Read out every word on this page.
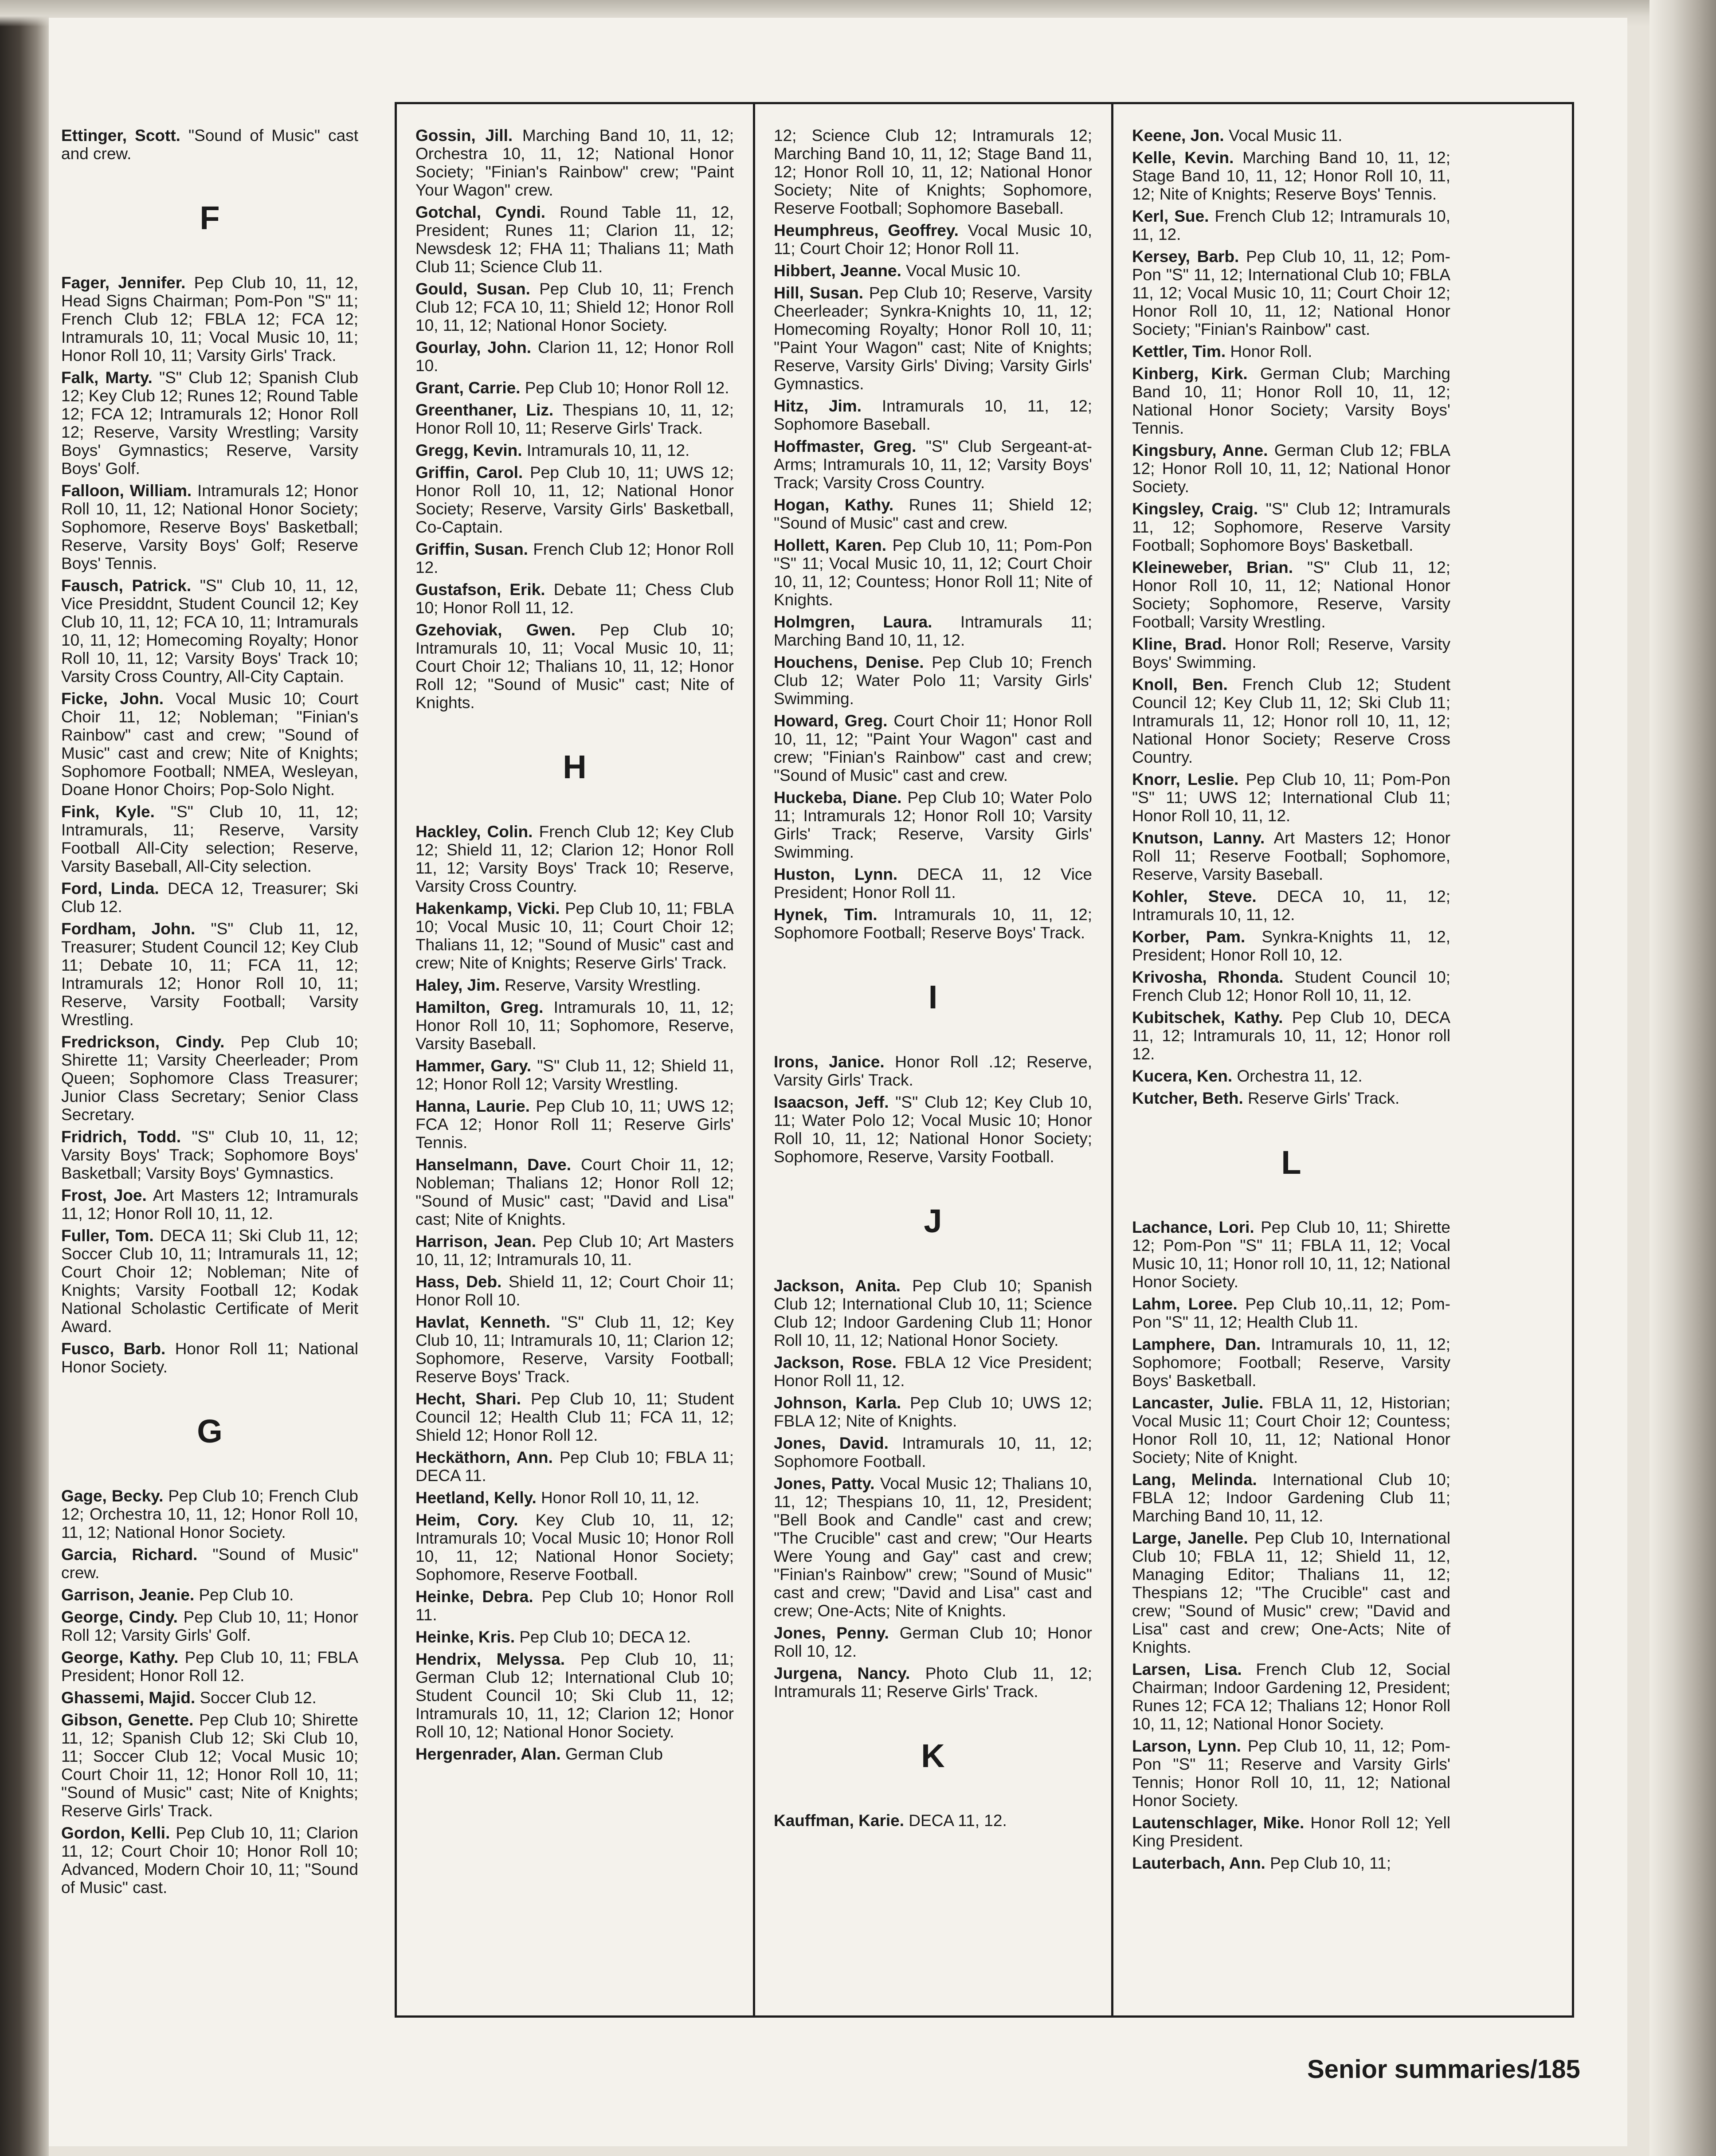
Ettinger, Scott. "Sound of Music" cast and crew.
F
Fager, Jennifer. Pep Club 10, 11, 12, Head Signs Chairman; Pom-Pon "S" 11; French Club 12; FBLA 12; FCA 12; Intramurals 10, 11; Vocal Music 10, 11; Honor Roll 10, 11; Varsity Girls' Track.
Falk, Marty. "S" Club 12; Spanish Club 12; Key Club 12; Runes 12; Round Table 12; FCA 12; Intramurals 12; Honor Roll 12; Reserve, Varsity Wrestling; Varsity Boys' Gymnastics; Reserve, Varsity Boys' Golf.
Falloon, William. Intramurals 12; Honor Roll 10, 11, 12; National Honor Society; Sophomore, Reserve Boys' Basketball; Reserve, Varsity Boys' Golf; Reserve Boys' Tennis.
Fausch, Patrick. "S" Club 10, 11, 12, Vice Presiddnt, Student Council 12; Key Club 10, 11, 12; FCA 10, 11; Intramurals 10, 11, 12; Homecoming Royalty; Honor Roll 10, 11, 12; Varsity Boys' Track 10; Varsity Cross Country, All-City Captain.
Ficke, John. Vocal Music 10; Court Choir 11, 12; Nobleman; "Finian's Rainbow" cast and crew; "Sound of Music" cast and crew; Nite of Knights; Sophomore Football; NMEA, Wesleyan, Doane Honor Choirs; Pop-Solo Night.
Fink, Kyle. "S" Club 10, 11, 12; Intramurals, 11; Reserve, Varsity Football All-City selection; Reserve, Varsity Baseball, All-City selection.
Ford, Linda. DECA 12, Treasurer; Ski Club 12.
Fordham, John. "S" Club 11, 12, Treasurer; Student Council 12; Key Club 11; Debate 10, 11; FCA 11, 12; Intramurals 12; Honor Roll 10, 11; Reserve, Varsity Football; Varsity Wrestling.
Fredrickson, Cindy. Pep Club 10; Shirette 11; Varsity Cheerleader; Prom Queen; Sophomore Class Treasurer; Junior Class Secretary; Senior Class Secretary.
Fridrich, Todd. "S" Club 10, 11, 12; Varsity Boys' Track; Sophomore Boys' Basketball; Varsity Boys' Gymnastics.
Frost, Joe. Art Masters 12; Intramurals 11, 12; Honor Roll 10, 11, 12.
Fuller, Tom. DECA 11; Ski Club 11, 12; Soccer Club 10, 11; Intramurals 11, 12; Court Choir 12; Nobleman; Nite of Knights; Varsity Football 12; Kodak National Scholastic Certificate of Merit Award.
Fusco, Barb. Honor Roll 11; National Honor Society.
G
Gage, Becky. Pep Club 10; French Club 12; Orchestra 10, 11, 12; Honor Roll 10, 11, 12; National Honor Society.
Garcia, Richard. "Sound of Music" crew.
Garrison, Jeanie. Pep Club 10.
George, Cindy. Pep Club 10, 11; Honor Roll 12; Varsity Girls' Golf.
George, Kathy. Pep Club 10, 11; FBLA President; Honor Roll 12.
Ghassemi, Majid. Soccer Club 12.
Gibson, Genette. Pep Club 10; Shirette 11, 12; Spanish Club 12; Ski Club 10, 11; Soccer Club 12; Vocal Music 10; Court Choir 11, 12; Honor Roll 10, 11; "Sound of Music" cast; Nite of Knights; Reserve Girls' Track.
Gordon, Kelli. Pep Club 10, 11; Clarion 11, 12; Court Choir 10; Honor Roll 10; Advanced, Modern Choir 10, 11; "Sound of Music" cast.
Gossin, Jill. Marching Band 10, 11, 12; Orchestra 10, 11, 12; National Honor Society; "Finian's Rainbow" crew; "Paint Your Wagon" crew.
Gotchal, Cyndi. Round Table 11, 12, President; Runes 11; Clarion 11, 12; Newsdesk 12; FHA 11; Thalians 11; Math Club 11; Science Club 11.
Gould, Susan. Pep Club 10, 11; French Club 12; FCA 10, 11; Shield 12; Honor Roll 10, 11, 12; National Honor Society.
Gourlay, John. Clarion 11, 12; Honor Roll 10.
Grant, Carrie. Pep Club 10; Honor Roll 12.
Greenthaner, Liz. Thespians 10, 11, 12; Honor Roll 10, 11; Reserve Girls' Track.
Gregg, Kevin. Intramurals 10, 11, 12.
Griffin, Carol. Pep Club 10, 11; UWS 12; Honor Roll 10, 11, 12; National Honor Society; Reserve, Varsity Girls' Basketball, Co-Captain.
Griffin, Susan. French Club 12; Honor Roll 12.
Gustafson, Erik. Debate 11; Chess Club 10; Honor Roll 11, 12.
Gzehoviak, Gwen. Pep Club 10; Intramurals 10, 11; Vocal Music 10, 11; Court Choir 12; Thalians 10, 11, 12; Honor Roll 12; "Sound of Music" cast; Nite of Knights.
H
Hackley, Colin. French Club 12; Key Club 12; Shield 11, 12; Clarion 12; Honor Roll 11, 12; Varsity Boys' Track 10; Reserve, Varsity Cross Country.
Hakenkamp, Vicki. Pep Club 10, 11; FBLA 10; Vocal Music 10, 11; Court Choir 12; Thalians 11, 12; "Sound of Music" cast and crew; Nite of Knights; Reserve Girls' Track.
Haley, Jim. Reserve, Varsity Wrestling.
Hamilton, Greg. Intramurals 10, 11, 12; Honor Roll 10, 11; Sophomore, Reserve, Varsity Baseball.
Hammer, Gary. "S" Club 11, 12; Shield 11, 12; Honor Roll 12; Varsity Wrestling.
Hanna, Laurie. Pep Club 10, 11; UWS 12; FCA 12; Honor Roll 11; Reserve Girls' Tennis.
Hanselmann, Dave. Court Choir 11, 12; Nobleman; Thalians 12; Honor Roll 12; "Sound of Music" cast; "David and Lisa" cast; Nite of Knights.
Harrison, Jean. Pep Club 10; Art Masters 10, 11, 12; Intramurals 10, 11.
Hass, Deb. Shield 11, 12; Court Choir 11; Honor Roll 10.
Havlat, Kenneth. "S" Club 11, 12; Key Club 10, 11; Intramurals 10, 11; Clarion 12; Sophomore, Reserve, Varsity Football; Reserve Boys' Track.
Hecht, Shari. Pep Club 10, 11; Student Council 12; Health Club 11; FCA 11, 12; Shield 12; Honor Roll 12.
Heckäthorn, Ann. Pep Club 10; FBLA 11; DECA 11.
Heetland, Kelly. Honor Roll 10, 11, 12.
Heim, Cory. Key Club 10, 11, 12; Intramurals 10; Vocal Music 10; Honor Roll 10, 11, 12; National Honor Society; Sophomore, Reserve Football.
Heinke, Debra. Pep Club 10; Honor Roll 11.
Heinke, Kris. Pep Club 10; DECA 12.
Hendrix, Melyssa. Pep Club 10, 11; German Club 12; International Club 10; Student Council 10; Ski Club 11, 12; Intramurals 10, 11, 12; Clarion 12; Honor Roll 10, 12; National Honor Society.
Hergenrader, Alan. German Club
12; Science Club 12; Intramurals 12; Marching Band 10, 11, 12; Stage Band 11, 12; Honor Roll 10, 11, 12; National Honor Society; Nite of Knights; Sophomore, Reserve Football; Sophomore Baseball.
Heumphreus, Geoffrey. Vocal Music 10, 11; Court Choir 12; Honor Roll 11.
Hibbert, Jeanne. Vocal Music 10.
Hill, Susan. Pep Club 10; Reserve, Varsity Cheerleader; Synkra-Knights 10, 11, 12; Homecoming Royalty; Honor Roll 10, 11; "Paint Your Wagon" cast; Nite of Knights; Reserve, Varsity Girls' Diving; Varsity Girls' Gymnastics.
Hitz, Jim. Intramurals 10, 11, 12; Sophomore Baseball.
Hoffmaster, Greg. "S" Club Sergeant-at-Arms; Intramurals 10, 11, 12; Varsity Boys' Track; Varsity Cross Country.
Hogan, Kathy. Runes 11; Shield 12; "Sound of Music" cast and crew.
Hollett, Karen. Pep Club 10, 11; Pom-Pon "S" 11; Vocal Music 10, 11, 12; Court Choir 10, 11, 12; Countess; Honor Roll 11; Nite of Knights.
Holmgren, Laura. Intramurals 11; Marching Band 10, 11, 12.
Houchens, Denise. Pep Club 10; French Club 12; Water Polo 11; Varsity Girls' Swimming.
Howard, Greg. Court Choir 11; Honor Roll 10, 11, 12; "Paint Your Wagon" cast and crew; "Finian's Rainbow" cast and crew; "Sound of Music" cast and crew.
Huckeba, Diane. Pep Club 10; Water Polo 11; Intramurals 12; Honor Roll 10; Varsity Girls' Track; Reserve, Varsity Girls' Swimming.
Huston, Lynn. DECA 11, 12 Vice President; Honor Roll 11.
Hynek, Tim. Intramurals 10, 11, 12; Sophomore Football; Reserve Boys' Track.
I
Irons, Janice. Honor Roll .12; Reserve, Varsity Girls' Track.
Isaacson, Jeff. "S" Club 12; Key Club 10, 11; Water Polo 12; Vocal Music 10; Honor Roll 10, 11, 12; National Honor Society; Sophomore, Reserve, Varsity Football.
J
Jackson, Anita. Pep Club 10; Spanish Club 12; International Club 10, 11; Science Club 12; Indoor Gardening Club 11; Honor Roll 10, 11, 12; National Honor Society.
Jackson, Rose. FBLA 12 Vice President; Honor Roll 11, 12.
Johnson, Karla. Pep Club 10; UWS 12; FBLA 12; Nite of Knights.
Jones, David. Intramurals 10, 11, 12; Sophomore Football.
Jones, Patty. Vocal Music 12; Thalians 10, 11, 12; Thespians 10, 11, 12, President; "Bell Book and Candle" cast and crew; "The Crucible" cast and crew; "Our Hearts Were Young and Gay" cast and crew; "Finian's Rainbow" crew; "Sound of Music" cast and crew; "David and Lisa" cast and crew; One-Acts; Nite of Knights.
Jones, Penny. German Club 10; Honor Roll 10, 12.
Jurgena, Nancy. Photo Club 11, 12; Intramurals 11; Reserve Girls' Track.
K
Kauffman, Karie. DECA 11, 12.
Keene, Jon. Vocal Music 11.
Kelle, Kevin. Marching Band 10, 11, 12; Stage Band 10, 11, 12; Honor Roll 10, 11, 12; Nite of Knights; Reserve Boys' Tennis.
Kerl, Sue. French Club 12; Intramurals 10, 11, 12.
Kersey, Barb. Pep Club 10, 11, 12; Pom-Pon "S" 11, 12; International Club 10; FBLA 11, 12; Vocal Music 10, 11; Court Choir 12; Honor Roll 10, 11, 12; National Honor Society; "Finian's Rainbow" cast.
Kettler, Tim. Honor Roll.
Kinberg, Kirk. German Club; Marching Band 10, 11; Honor Roll 10, 11, 12; National Honor Society; Varsity Boys' Tennis.
Kingsbury, Anne. German Club 12; FBLA 12; Honor Roll 10, 11, 12; National Honor Society.
Kingsley, Craig. "S" Club 12; Intramurals 11, 12; Sophomore, Reserve Varsity Football; Sophomore Boys' Basketball.
Kleineweber, Brian. "S" Club 11, 12; Honor Roll 10, 11, 12; National Honor Society; Sophomore, Reserve, Varsity Football; Varsity Wrestling.
Kline, Brad. Honor Roll; Reserve, Varsity Boys' Swimming.
Knoll, Ben. French Club 12; Student Council 12; Key Club 11, 12; Ski Club 11; Intramurals 11, 12; Honor roll 10, 11, 12; National Honor Society; Reserve Cross Country.
Knorr, Leslie. Pep Club 10, 11; Pom-Pon "S" 11; UWS 12; International Club 11; Honor Roll 10, 11, 12.
Knutson, Lanny. Art Masters 12; Honor Roll 11; Reserve Football; Sophomore, Reserve, Varsity Baseball.
Kohler, Steve. DECA 10, 11, 12; Intramurals 10, 11, 12.
Korber, Pam. Synkra-Knights 11, 12, President; Honor Roll 10, 12.
Krivosha, Rhonda. Student Council 10; French Club 12; Honor Roll 10, 11, 12.
Kubitschek, Kathy. Pep Club 10, DECA 11, 12; Intramurals 10, 11, 12; Honor roll 12.
Kucera, Ken. Orchestra 11, 12.
Kutcher, Beth. Reserve Girls' Track.
L
Lachance, Lori. Pep Club 10, 11; Shirette 12; Pom-Pon "S" 11; FBLA 11, 12; Vocal Music 10, 11; Honor roll 10, 11, 12; National Honor Society.
Lahm, Loree. Pep Club 10,.11, 12; Pom-Pon "S" 11, 12; Health Club 11.
Lamphere, Dan. Intramurals 10, 11, 12; Sophomore; Football; Reserve, Varsity Boys' Basketball.
Lancaster, Julie. FBLA 11, 12, Historian; Vocal Music 11; Court Choir 12; Countess; Honor Roll 10, 11, 12; National Honor Society; Nite of Knight.
Lang, Melinda. International Club 10; FBLA 12; Indoor Gardening Club 11; Marching Band 10, 11, 12.
Large, Janelle. Pep Club 10, International Club 10; FBLA 11, 12; Shield 11, 12, Managing Editor; Thalians 11, 12; Thespians 12; "The Crucible" cast and crew; "Sound of Music" crew; "David and Lisa" cast and crew; One-Acts; Nite of Knights.
Larsen, Lisa. French Club 12, Social Chairman; Indoor Gardening 12, President; Runes 12; FCA 12; Thalians 12; Honor Roll 10, 11, 12; National Honor Society.
Larson, Lynn. Pep Club 10, 11, 12; Pom-Pon "S" 11; Reserve and Varsity Girls' Tennis; Honor Roll 10, 11, 12; National Honor Society.
Lautenschlager, Mike. Honor Roll 12; Yell King President.
Lauterbach, Ann. Pep Club 10, 11;
Senior summaries/185
